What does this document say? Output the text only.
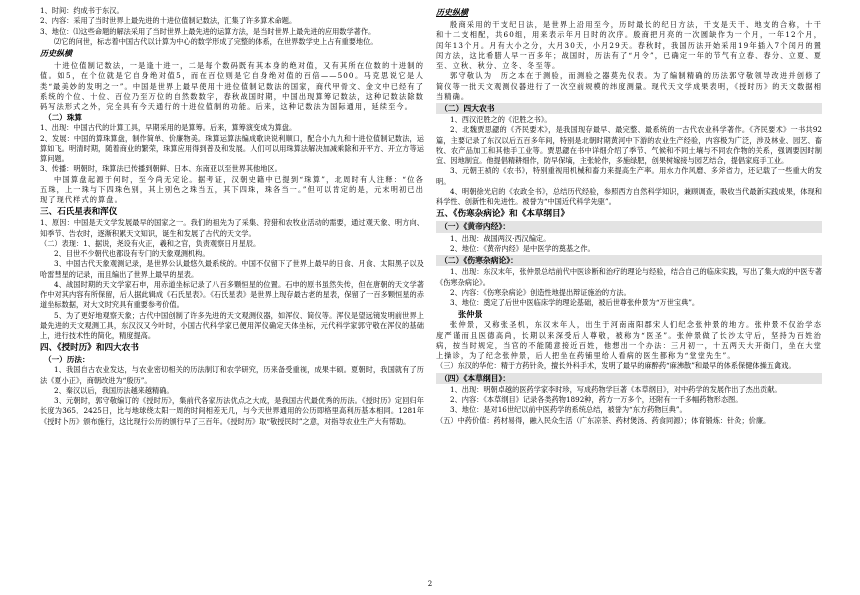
1、时间：约成书于东汉。

2、内容：采用了当时世界上最先进的十进位值制记数法，汇集了许多算术命题。

3、地位：⑴这些命题的解法采用了当时世界上最先进的运算方法，是当时世界上最先进的应用数学著作。

⑵它的问世，标志着中国古代以计算为中心的数学形成了完整的体系，在世界数学史上占有重要地位。

历史纵横

十进位值制记数法，一是逢十进一，二是每个数码既有其本身的绝对值，又有其所在位数的十进制的值。如5，在个位就是它自身绝对值5，而在百位则是它自身绝对值的百倍——500。马克思说它是人类“最美妙的发明之一”。中国是世界上最早使用十进位值制记数法的国家，商代甲骨文、金文中已经有了系统的个位、十位、百位乃至万位的自然数数字，春秋战国时期，中国出现算筹记数法，这种记数法除数码写法形式之外，完全具有今天通行的十进位值制的功能。后来，这种记数法为国际通用，延续至今。

（二）珠算

1、出现：中国古代的计算工具，早期采用的是算筹。后来，算筹演变成为算盘。

2、发展：中国的算珠算盘，制作简单、价廉物美。珠算运算法编成歌诀说利顺口，配合小九九和十进位值制记数法，运算如飞。明清时期，随着商业的繁荣，珠算应用得到普及和发展。人们可以用珠算法解决加减乘除和开平方、开立方等运算问题。

3、传播：明朝时，珠算法已传播到朝鲜、日本、东南亚以至世界其他地区。

中国算盘起源于何时，至今尚无定论。据考证，汉朝史籍中已提到“珠算”，北周时有人注释：“位各五珠，上一珠与下四珠色别，其上别色之珠当五，其下四珠，珠各当一。”但可以肯定的是，元末明初已出现了现代样式的算盘。

三、石氏星表和浑仪

1、原因：中国是天文学发展最早的国家之一。我们的祖先为了采集、狩猎和农牧业活动的需要，通过观天象、明方向、知季节、告农时，逐渐积累天文知识，诞生和发展了古代的天文学。

（二）表现：1、据说，尧设有火正，羲和之官，负责观察日月星辰。

2、目世不少朝代也都设有专门的天象观测机构。

3、中国古代天象观测记录，是世界公认最悠久最系统的。中国不仅留下了世界上最早的日食、月食、太阳黑子以及哈雷彗星的记录，而且编出了世界上最早的星表。

4、战国时期的天文学家石申，用赤道坐标记录了八百多颗恒星的位置。石申的原书虽然失传，但在唐朝的天文学著作中对其内容有所保留，后人据此辑成《石氏星表》。《石氏星表》是世界上现存最古老的星表，保留了一百多颗恒星的赤道坐标数据，对大文时究具有重要参考价值。

5、为了更好地观察天象；古代中国创制了许多先进的天文观测仪器，如浑仪、简仪等。浑仪是望远镜发明前世界上最先进的天文观测工具，东汉汉又今叶时，小国古代科学家已便用浑仪确定天体坐标，元代科学家郭守敬在浑仪的基础上，进行技术性的简化，精度提高。

四、《授时历》和四大农书

（一）历法：

1、我国自古农业发达，与农业密切相关的历法制订和农学研究，历来备受重视，成果丰硕。夏朝时，我国就有了历法《夏小正》，商朝改进为“殷历”。

2、秦汉以后，我国历法越来越精确。

3、元朝时，郭守敬编订的《授时历》，集前代各家历法优点之大成，是我国古代最优秀的历法。《授时历》定回归年长度为365．2425日，比与地球绕太阳一周的时间相差无几，与今天世界通用的公历即格里高利历基本相同。1281年《授时卜历》颁布施行，这比现行公历的颁行早了三百年。《授时历》取“敬授民时”之意，对指导农业生产大有帮助。

历史纵横

殷商采用的干支纪日法，是世界上沿用至今，历时最长的纪日方法，干支是天干、地支的合称，十干和十二支相配，共60组，用来表示年月日时的次序。殷商把月亮的一次圆缺作为一个月，一年12个月，闰年13个月。月有大小之分，大月30天，小月29天。春秋时，我国历法开始采用19年插入7个闰月的置闰方法，这比希腊人早一百多年；战国时，历法有了“月令”，已确定一年的节气有立春、春分、立夏、夏至、立秋、秋分、立冬、冬至等。

郭守敬认为　历之本在于测验，而测验之器莫先仪表。为了编制精确的历法郭守敬领导改进并创修了简仪等一批天文观测仪器进行了一次空前规模的纬度测量。现代天文学成果表明，《授时历》的天文数据相当精确。

（二）四大农书

1、西汉氾胜之的《氾胜之书》。

2、北魏贾思勰的《齐民要术》，是我国现存最早、最完整、最系统的一古代农业科学著作。《齐民要术》一书共92篇，主要记录了东汉以后五百多年间，特别是北朝时期黄河中下游的农业生产经验，内容极为广泛，涉及林业、园艺、畜牧、农产品加工和其他手工业等。贾思勰在书中详细介绍了季节、气候和不同土壤与不同农作物的关系，强调要因时制宜、因地制宜。他提倡精耕细作，防早保墒，主张轮作，多施绿肥，创果树嫁接与园艺结合，提倡家庭手工业。

3、元朝王祯的《农书》，特别重视用机械和畜力来提高生产率。用水力作风磨、多斧省力，还记载了一些重大的发明。

4、明朝徐光启的《农政全书》，总结历代经验，参照西方自然科学知识，兼顾调查，吸收当代最新实践成果，体现和科学性、创新性和先进性。被誉为“中国近代科学先驱”。

五、《伤寒杂病论》和《本草纲目》

（一）《黄帝内经》：

1、出现：战国两汉·西汉编定。

2、地位：《黄帝内经》是中医学的奠基之作。

（二）《伤寒杂病论》：

1、出现：东汉末年，张仲景总结前代中医诊断和治疗的理论与经验，结合自己的临床实践，写出了集大成的中医专著《伤寒杂病论》。

2、内容：《伤寒杂病论》创造性地提出辩证施治的方法。

3、地位：奠定了后世中医临床学的理论基础，被后世尊张仲景为“万世宝典”。

张仲景

张仲景，又称张圣机，东汉末年人，出生于河南南阳郡宋人们纪念张仲景的地方。张仲景不仅治学态度严谨而且医德高尚，长期以来深受后人尊敬，被称为“医圣”。张仲景做了长沙太守后，坚持为百姓治病，按当时规定，当官的不能随意接近百姓，他想出一个办法：三月初一，十五两天大开衙门，坐在大堂上操诊，为了纪念张仲景，后人把坐在药铺里给人看病的医生都称为“堂堂先生”。

（三）东汉的华佗：精于方药针灸，擅长外科手术，发明了最早的麻醉药“麻沸散”和最早的体系保健体操五禽戏。

（四）《本草纲目》：

1、出现：明朝卓越的医药学家李时珍，写成药物学巨著《本草纲目》，对中药学的发展作出了杰出贡献。

2、内容：《本草纲目》记录各类药物1892种，药方一万多个，还附有一千多幅药物形态图。

3、地位：是对16世纪以前中医药学的系统总结，被誉为“东方药物巨典”。

（五）中药价值：药材易得，融入民众生活（广东凉茶、药材煲汤、药食同源）；体育锻炼：针灸；价廉。

2
